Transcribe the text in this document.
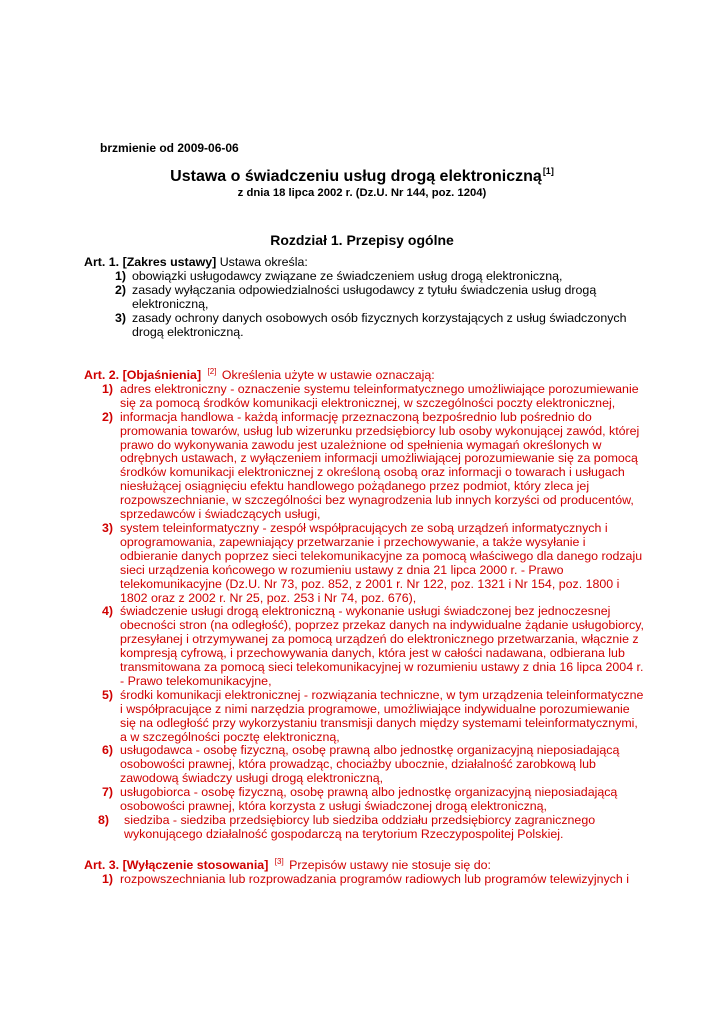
brzmienie od 2009-06-06

Ustawa o świadczeniu usług drogą elektroniczną[1]

z dnia 18 lipca 2002 r. (Dz.U. Nr 144, poz. 1204)

Rozdział 1. Przepisy ogólne

Art. 1. [Zakres ustawy] Ustawa określa:
1) obowiązki usługodawcy związane ze świadczeniem usług drogą elektroniczną,
2) zasady wyłączania odpowiedzialności usługodawcy z tytułu świadczenia usług drogą elektroniczną,
3) zasady ochrony danych osobowych osób fizycznych korzystających z usług świadczonych drogą elektroniczną.
Art. 2. [Objaśnienia] [2] Określenia użyte w ustawie oznaczają:
1) adres elektroniczny - oznaczenie systemu teleinformatycznego umożliwiające porozumiewanie się za pomocą środków komunikacji elektronicznej, w szczególności poczty elektronicznej,
2) informacja handlowa - każdą informację przeznaczoną bezpośrednio lub pośrednio do promowania towarów, usług lub wizerunku przedsiębiorcy lub osoby wykonującej zawód, której prawo do wykonywania zawodu jest uzależnione od spełnienia wymagań określonych w odrębnych ustawach, z wyłączeniem informacji umożliwiającej porozumiewanie się za pomocą środków komunikacji elektronicznej z określoną osobą oraz informacji o towarach i usługach niesłużącej osiągnięciu efektu handlowego pożądanego przez podmiot, który zleca jej rozpowszechnianie, w szczególności bez wynagrodzenia lub innych korzyści od producentów, sprzedawców i świadczących usługi,
3) system teleinformatyczny - zespół współpracujących ze sobą urządzeń informatycznych i oprogramowania, zapewniający przetwarzanie i przechowywanie, a także wysyłanie i odbieranie danych poprzez sieci telekomunikacyjne za pomocą właściwego dla danego rodzaju sieci urządzenia końcowego w rozumieniu ustawy z dnia 21 lipca 2000 r. - Prawo telekomunikacyjne (Dz.U. Nr 73, poz. 852, z 2001 r. Nr 122, poz. 1321 i Nr 154, poz. 1800 i 1802 oraz z 2002 r. Nr 25, poz. 253 i Nr 74, poz. 676),
4) świadczenie usługi drogą elektroniczną - wykonanie usługi świadczonej bez jednoczesnej obecności stron (na odległość), poprzez przekaz danych na indywidualne żądanie usługobiorcy, przesyłanej i otrzymywanej za pomocą urządzeń do elektronicznego przetwarzania, włącznie z kompresją cyfrową, i przechowywania danych, która jest w całości nadawana, odbierana lub transmitowana za pomocą sieci telekomunikacyjnej w rozumieniu ustawy z dnia 16 lipca 2004 r. - Prawo telekomunikacyjne,
5) środki komunikacji elektronicznej - rozwiązania techniczne, w tym urządzenia teleinformatyczne i współpracujące z nimi narzędzia programowe, umożliwiające indywidualne porozumiewanie się na odległość przy wykorzystaniu transmisji danych między systemami teleinformatycznymi, a w szczególności pocztę elektroniczną,
6) usługodawca - osobę fizyczną, osobę prawną albo jednostkę organizacyjną nieposiadającą osobowości prawnej, która prowadząc, chociażby ubocznie, działalność zarobkową lub zawodową świadczy usługi drogą elektroniczną,
7) usługobiorca - osobę fizyczną, osobę prawną albo jednostkę organizacyjną nieposiadającą osobowości prawnej, która korzysta z usługi świadczonej drogą elektroniczną,
8) siedziba - siedziba przedsiębiorcy lub siedziba oddziału przedsiębiorcy zagranicznego wykonującego działalność gospodarczą na terytorium Rzeczypospolitej Polskiej.
Art. 3. [Wyłączenie stosowania] [3] Przepisów ustawy nie stosuje się do:
1) rozpowszechniania lub rozprowadzania programów radiowych lub programów telewizyjnych i
